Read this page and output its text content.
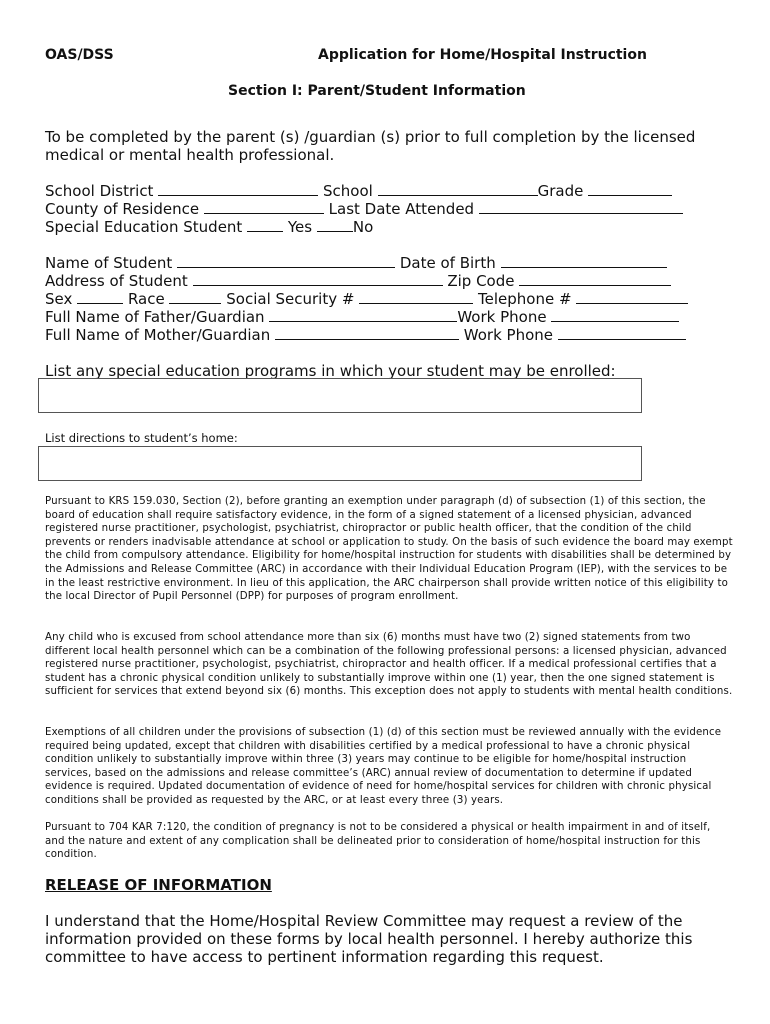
OAS/DSS	Application for Home/Hospital Instruction
Section I: Parent/Student Information
To be completed by the parent (s) /guardian (s) prior to full completion by the licensed medical or mental health professional.
School District	School	Grade
County of Residence	Last Date Attended
Special Education Student	Yes	No
Name of Student	Date of Birth
Address of Student	Zip Code
Sex	Race	Social Security #	Telephone #
Full Name of Father/Guardian	Work Phone
Full Name of Mother/Guardian	Work Phone
List any special education programs in which your student may be enrolled:
List directions to student’s home:
Pursuant to KRS 159.030, Section (2), before granting an exemption under paragraph (d) of subsection (1) of this section, the board of education shall require satisfactory evidence, in the form of a signed statement of a licensed physician, advanced registered nurse practitioner, psychologist, psychiatrist, chiropractor or public health officer, that the condition of the child prevents or renders inadvisable attendance at school or application to study. On the basis of such evidence the board may exempt the child from compulsory attendance. Eligibility for home/hospital instruction for students with disabilities shall be determined by the Admissions and Release Committee (ARC) in accordance with their Individual Education Program (IEP), with the services to be in the least restrictive environment. In lieu of this application, the ARC chairperson shall provide written notice of this eligibility to the local Director of Pupil Personnel (DPP) for purposes of program enrollment.
Any child who is excused from school attendance more than six (6) months must have two (2) signed statements from two different local health personnel which can be a combination of the following professional persons: a licensed physician, advanced registered nurse practitioner, psychologist, psychiatrist, chiropractor and health officer. If a medical professional certifies that a student has a chronic physical condition unlikely to substantially improve within one (1) year, then the one signed statement is sufficient for services that extend beyond six (6) months. This exception does not apply to students with mental health conditions.
Exemptions of all children under the provisions of subsection (1) (d) of this section must be reviewed annually with the evidence required being updated, except that children with disabilities certified by a medical professional to have a chronic physical condition unlikely to substantially improve within three (3) years may continue to be eligible for home/hospital instruction services, based on the admissions and release committee’s (ARC) annual review of documentation to determine if updated evidence is required. Updated documentation of evidence of need for home/hospital services for children with chronic physical conditions shall be provided as requested by the ARC, or at least every three (3) years.
Pursuant to 704 KAR 7:120, the condition of pregnancy is not to be considered a physical or health impairment in and of itself, and the nature and extent of any complication shall be delineated prior to consideration of home/hospital instruction for this condition.
RELEASE OF INFORMATION
I understand that the Home/Hospital Review Committee may request a review of the information provided on these forms by local health personnel. I hereby authorize this committee to have access to pertinent information regarding this request.
